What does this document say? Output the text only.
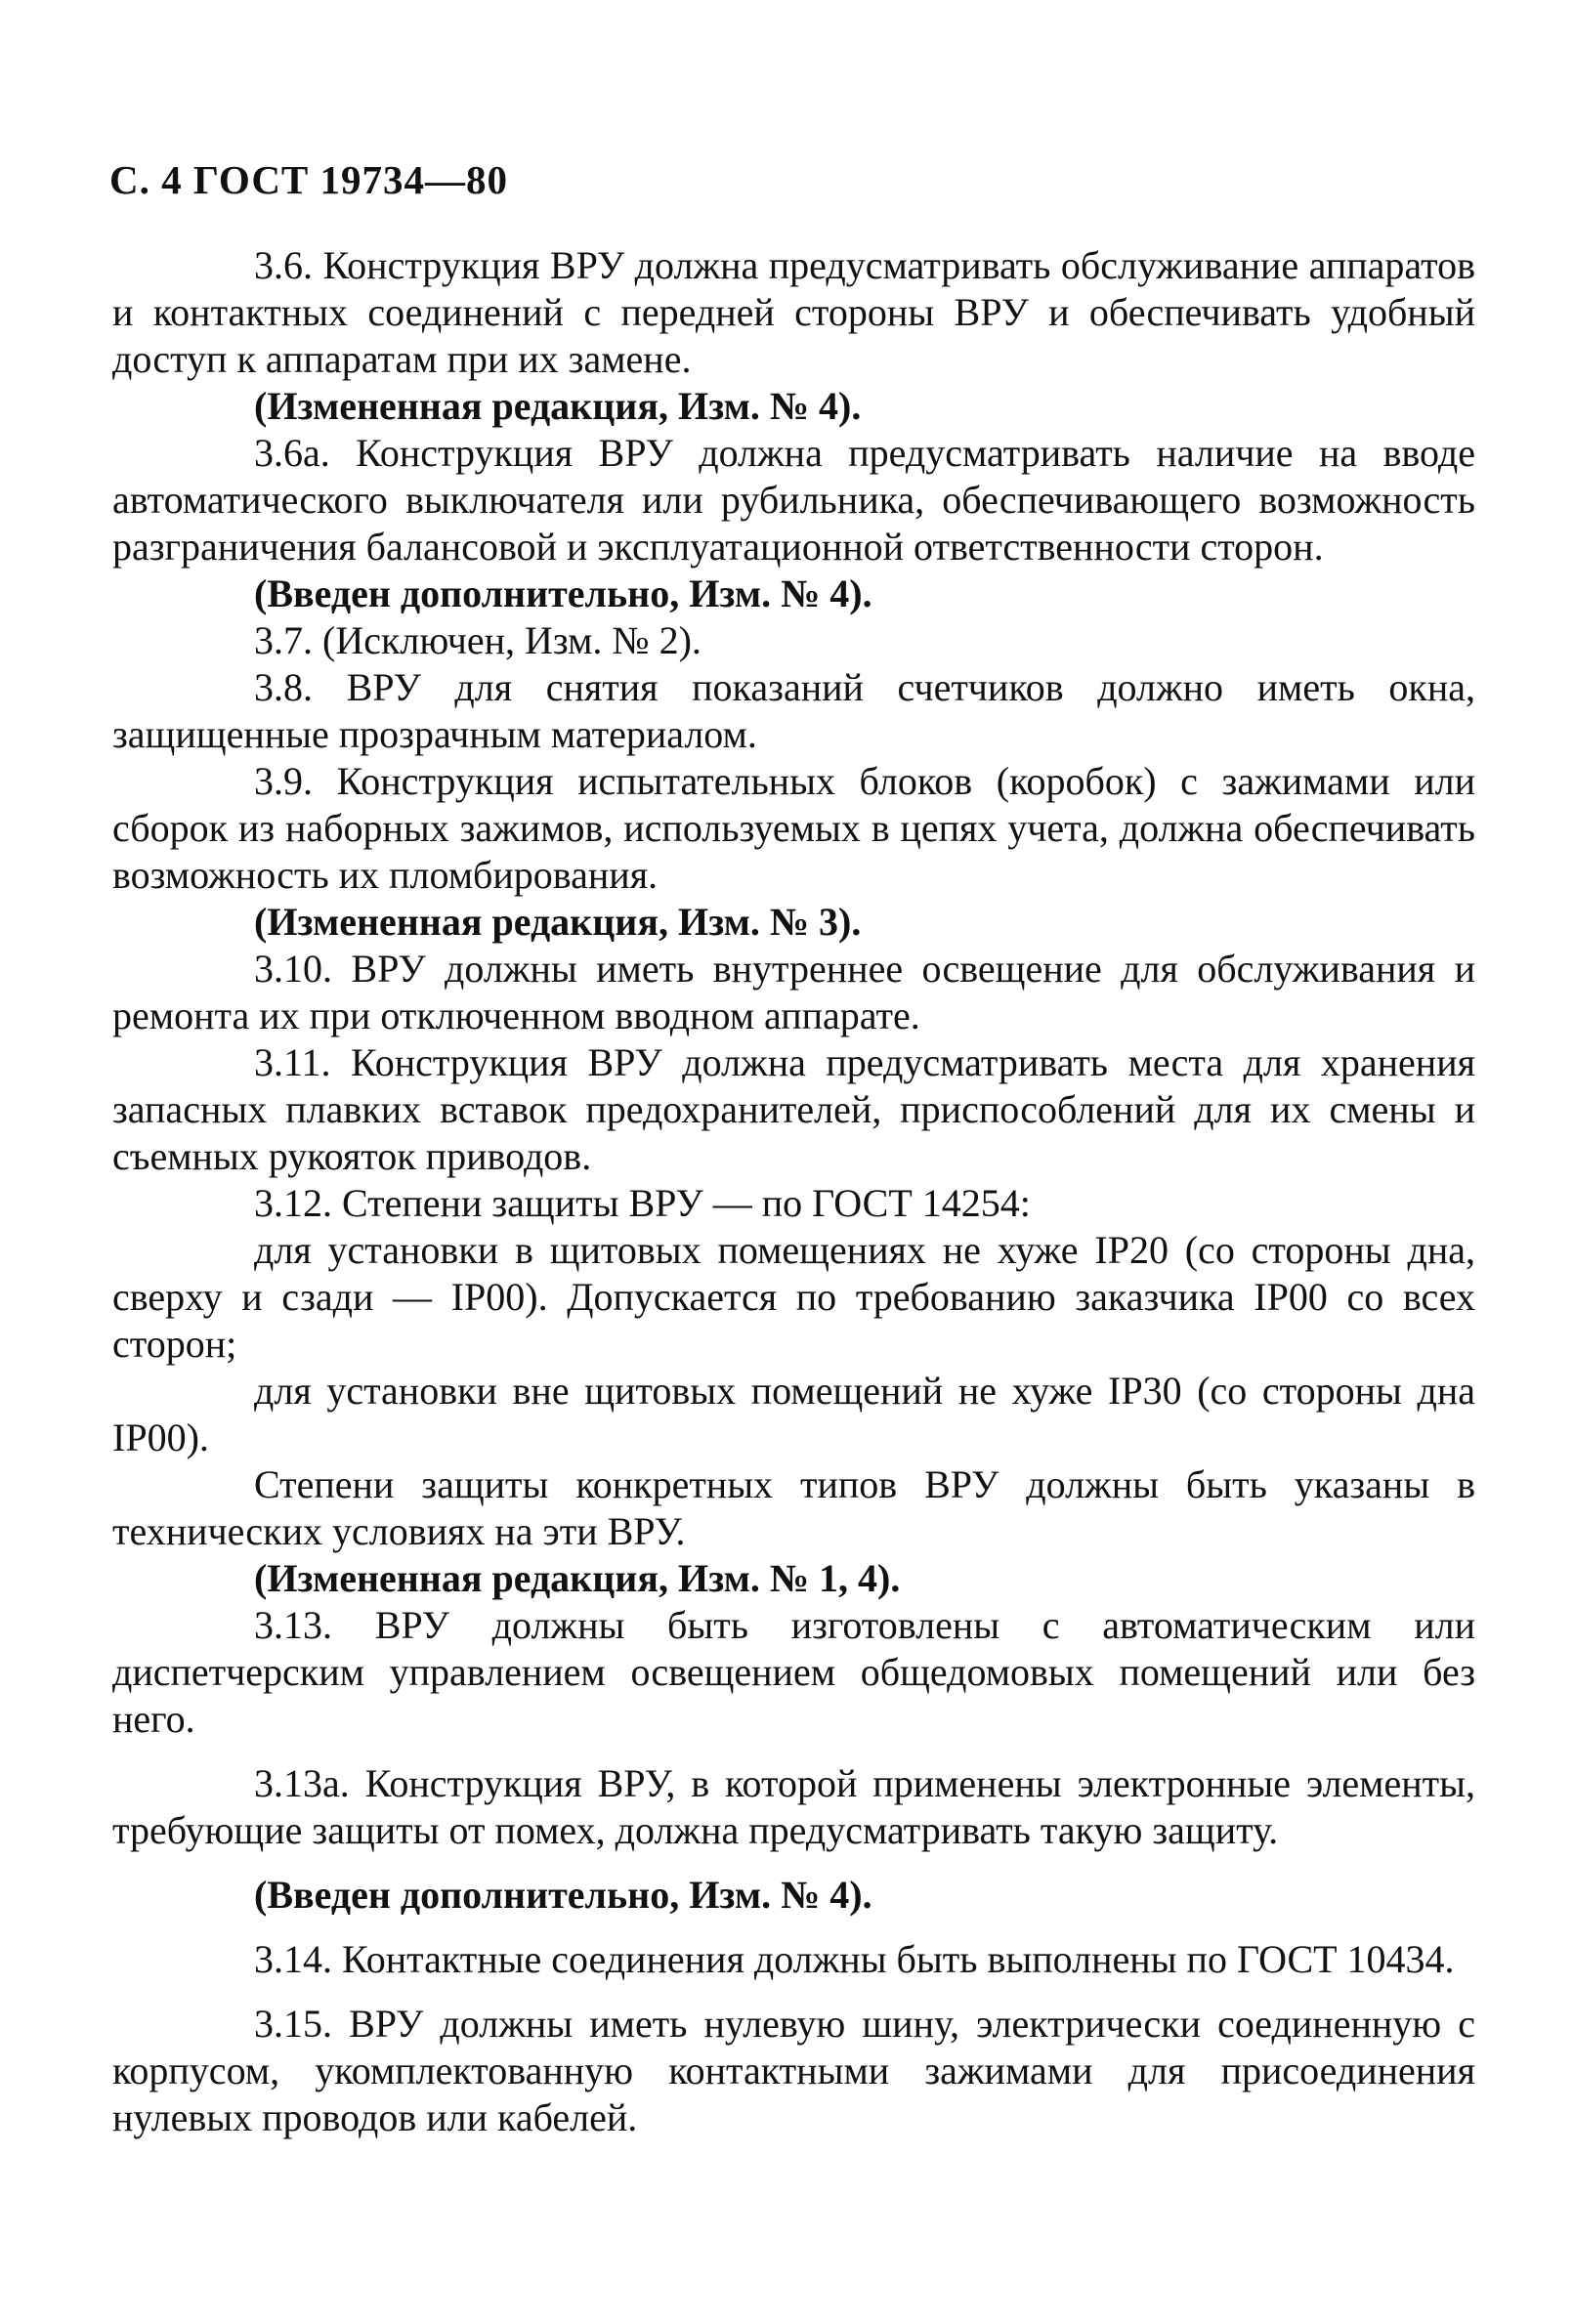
С. 4 ГОСТ 19734—80

3.6. Конструкция ВРУ должна предусматривать обслуживание аппаратов и контактных соединений с передней стороны ВРУ и обеспечивать удобный доступ к аппаратам при их замене.

(Измененная редакция, Изм. № 4).

3.6а. Конструкция ВРУ должна предусматривать наличие на вводе автоматического выключателя или рубильника, обеспечивающего возможность разграничения балансовой и эксплуатационной ответственности сторон.

(Введен дополнительно, Изм. № 4).

3.7. (Исключен, Изм. № 2).

3.8. ВРУ для снятия показаний счетчиков должно иметь окна, защищенные прозрачным материалом.

3.9. Конструкция испытательных блоков (коробок) с зажимами или сборок из наборных зажимов, используемых в цепях учета, должна обеспечивать возможность их пломбирования.

(Измененная редакция, Изм. № 3).

3.10. ВРУ должны иметь внутреннее освещение для обслуживания и ремонта их при отключенном вводном аппарате.

3.11. Конструкция ВРУ должна предусматривать места для хранения запасных плавких вставок предохранителей, приспособлений для их смены и съемных рукояток приводов.

3.12. Степени защиты ВРУ — по ГОСТ 14254:

для установки в щитовых помещениях не хуже IP20 (со стороны дна, сверху и сзади — IP00). Допускается по требованию заказчика IP00 со всех сторон;

для установки вне щитовых помещений не хуже IP30 (со стороны дна IP00).

Степени защиты конкретных типов ВРУ должны быть указаны в технических условиях на эти ВРУ.

(Измененная редакция, Изм. № 1, 4).

3.13. ВРУ должны быть изготовлены с автоматическим или диспетчерским управлением освещением общедомовых помещений или без него.

3.13а. Конструкция ВРУ, в которой применены электронные элементы, требующие защиты от помех, должна предусматривать такую защиту.

(Введен дополнительно, Изм. № 4).

3.14. Контактные соединения должны быть выполнены по ГОСТ 10434.

3.15. ВРУ должны иметь нулевую шину, электрически соединенную с корпусом, укомплектованную контактными зажимами для присоединения нулевых проводов или кабелей.
